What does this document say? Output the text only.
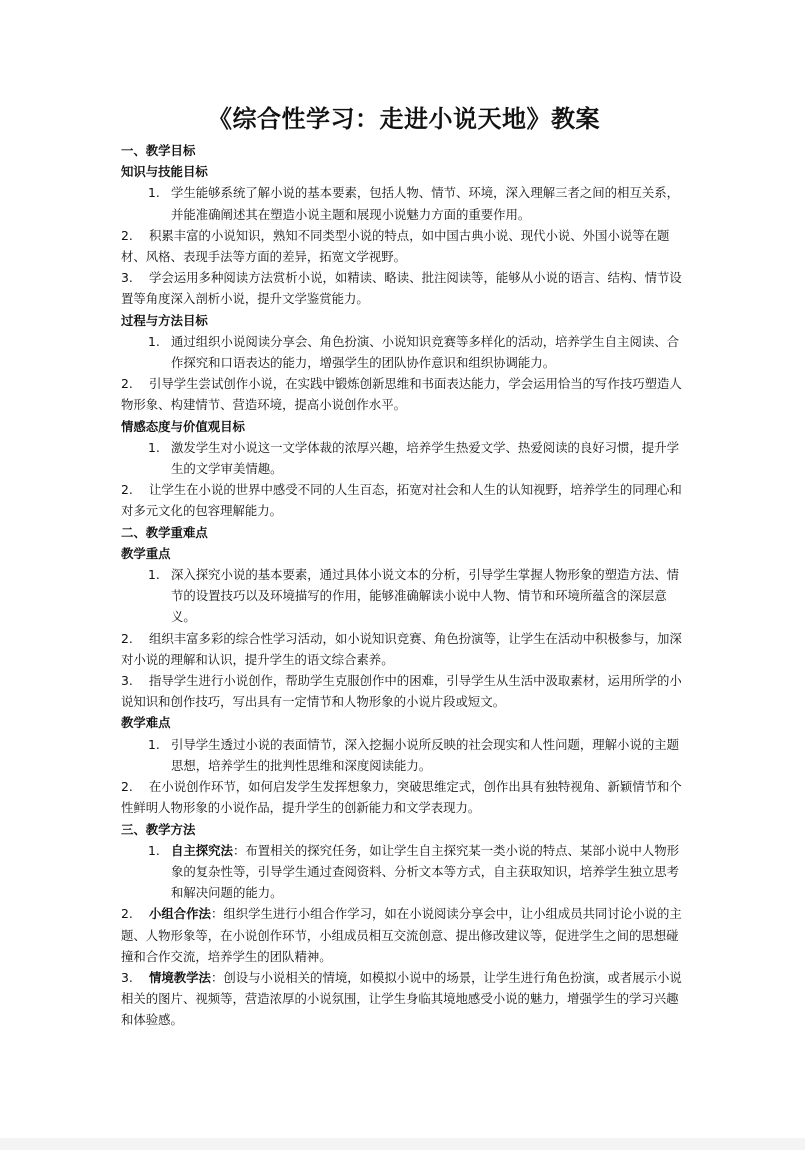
《综合性学习：走进小说天地》教案
一、教学目标
知识与技能目标

1. 学生能够系统了解小说的基本要素，包括人物、情节、环境，深入理解三者之间的相互关系，并能准确阐述其在塑造小说主题和展现小说魅力方面的重要作用。

2. 积累丰富的小说知识，熟知不同类型小说的特点，如中国古典小说、现代小说、外国小说等在题材、风格、表现手法等方面的差异，拓宽文学视野。

3. 学会运用多种阅读方法赏析小说，如精读、略读、批注阅读等，能够从小说的语言、结构、情节设置等角度深入剖析小说，提升文学鉴赏能力。

过程与方法目标

1. 通过组织小说阅读分享会、角色扮演、小说知识竞赛等多样化的活动，培养学生自主阅读、合作探究和口语表达的能力，增强学生的团队协作意识和组织协调能力。

2. 引导学生尝试创作小说，在实践中锻炼创新思维和书面表达能力，学会运用恰当的写作技巧塑造人物形象、构建情节、营造环境，提高小说创作水平。

情感态度与价值观目标

1. 激发学生对小说这一文学体裁的浓厚兴趣，培养学生热爱文学、热爱阅读的良好习惯，提升学生的文学审美情趣。

2. 让学生在小说的世界中感受不同的人生百态，拓宽对社会和人生的认知视野，培养学生的同理心和对多元文化的包容理解能力。

二、教学重难点
教学重点

1. 深入探究小说的基本要素，通过具体小说文本的分析，引导学生掌握人物形象的塑造方法、情节的设置技巧以及环境描写的作用，能够准确解读小说中人物、情节和环境所蕴含的深层意义。

2. 组织丰富多彩的综合性学习活动，如小说知识竞赛、角色扮演等，让学生在活动中积极参与，加深对小说的理解和认识，提升学生的语文综合素养。

3. 指导学生进行小说创作，帮助学生克服创作中的困难，引导学生从生活中汲取素材，运用所学的小说知识和创作技巧，写出具有一定情节和人物形象的小说片段或短文。

教学难点

1. 引导学生透过小说的表面情节，深入挖掘小说所反映的社会现实和人性问题，理解小说的主题思想，培养学生的批判性思维和深度阅读能力。

2. 在小说创作环节，如何启发学生发挥想象力，突破思维定式，创作出具有独特视角、新颖情节和个性鲜明人物形象的小说作品，提升学生的创新能力和文学表现力。

三、教学方法

1. 自主探究法：布置相关的探究任务，如让学生自主探究某一类小说的特点、某部小说中人物形象的复杂性等，引导学生通过查阅资料、分析文本等方式，自主获取知识，培养学生独立思考和解决问题的能力。

2. 小组合作法：组织学生进行小组合作学习，如在小说阅读分享会中，让小组成员共同讨论小说的主题、人物形象等，在小说创作环节，小组成员相互交流创意、提出修改建议等，促进学生之间的思想碰撞和合作交流，培养学生的团队精神。

3. 情境教学法：创设与小说相关的情境，如模拟小说中的场景，让学生进行角色扮演，或者展示小说相关的图片、视频等，营造浓厚的小说氛围，让学生身临其境地感受小说的魅力，增强学生的学习兴趣和体验感。
